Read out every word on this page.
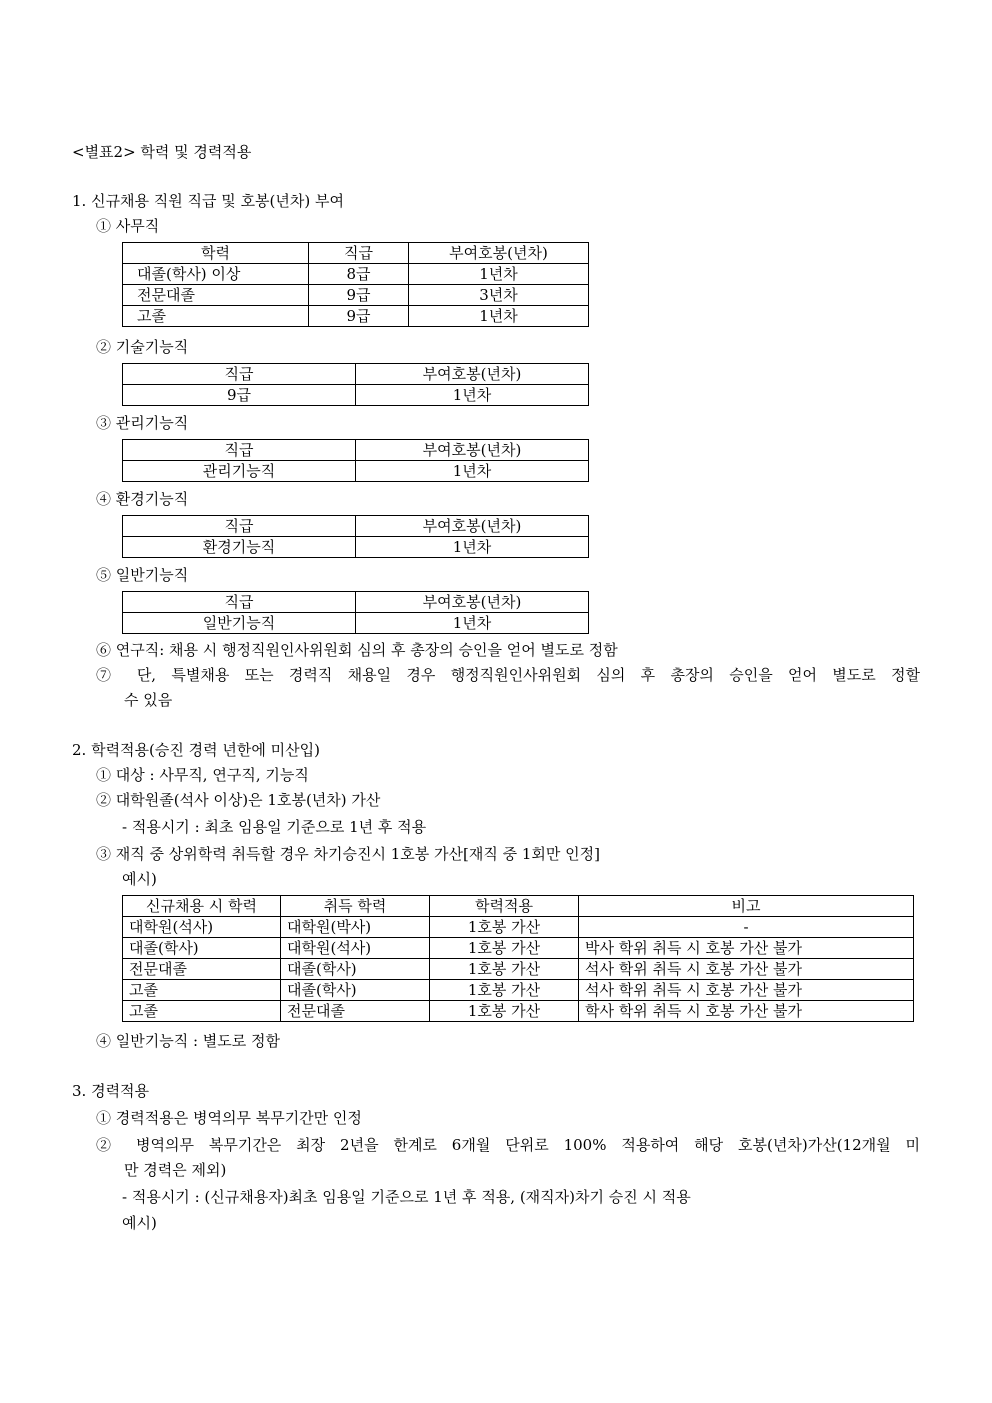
<별표2> 학력 및 경력적용
1. 신규채용 직원 직급 및 호봉(년차) 부여
① 사무직
학력	직급	부여호봉(년차)
대졸(학사) 이상	8급	1년차
전문대졸	9급	3년차
고졸	9급	1년차
② 기술기능직
직급	부여호봉(년차)
9급	1년차
③ 관리기능직
직급	부여호봉(년차)
관리기능직	1년차
④ 환경기능직
직급	부여호봉(년차)
환경기능직	1년차
⑤ 일반기능직
직급	부여호봉(년차)
일반기능직	1년차
⑥ 연구직: 채용 시 행정직원인사위원회 심의 후 총장의 승인을 얻어 별도로 정함
⑦ 단, 특별채용 또는 경력직 채용일 경우 행정직원인사위원회 심의 후 총장의 승인을 얻어 별도로 정할
수 있음
2. 학력적용(승진 경력 년한에 미산입)
① 대상 : 사무직, 연구직, 기능직
② 대학원졸(석사 이상)은 1호봉(년차) 가산
- 적용시기 : 최초 임용일 기준으로 1년 후 적용
③ 재직 중 상위학력 취득할 경우 차기승진시 1호봉 가산[재직 중 1회만 인정]
예시)
신규채용 시 학력	취득 학력	학력적용	비고
대학원(석사)	대학원(박사)	1호봉 가산	-
대졸(학사)	대학원(석사)	1호봉 가산	박사 학위 취득 시 호봉 가산 불가
전문대졸	대졸(학사)	1호봉 가산	석사 학위 취득 시 호봉 가산 불가
고졸	대졸(학사)	1호봉 가산	석사 학위 취득 시 호봉 가산 불가
고졸	전문대졸	1호봉 가산	학사 학위 취득 시 호봉 가산 불가
④ 일반기능직 : 별도로 정함
3. 경력적용
① 경력적용은 병역의무 복무기간만 인정
② 병역의무 복무기간은 최장 2년을 한계로 6개월 단위로 100% 적용하여 해당 호봉(년차)가산(12개월 미
만 경력은 제외)
- 적용시기 : (신규채용자)최초 임용일 기준으로 1년 후 적용, (재직자)차기 승진 시 적용
예시)
